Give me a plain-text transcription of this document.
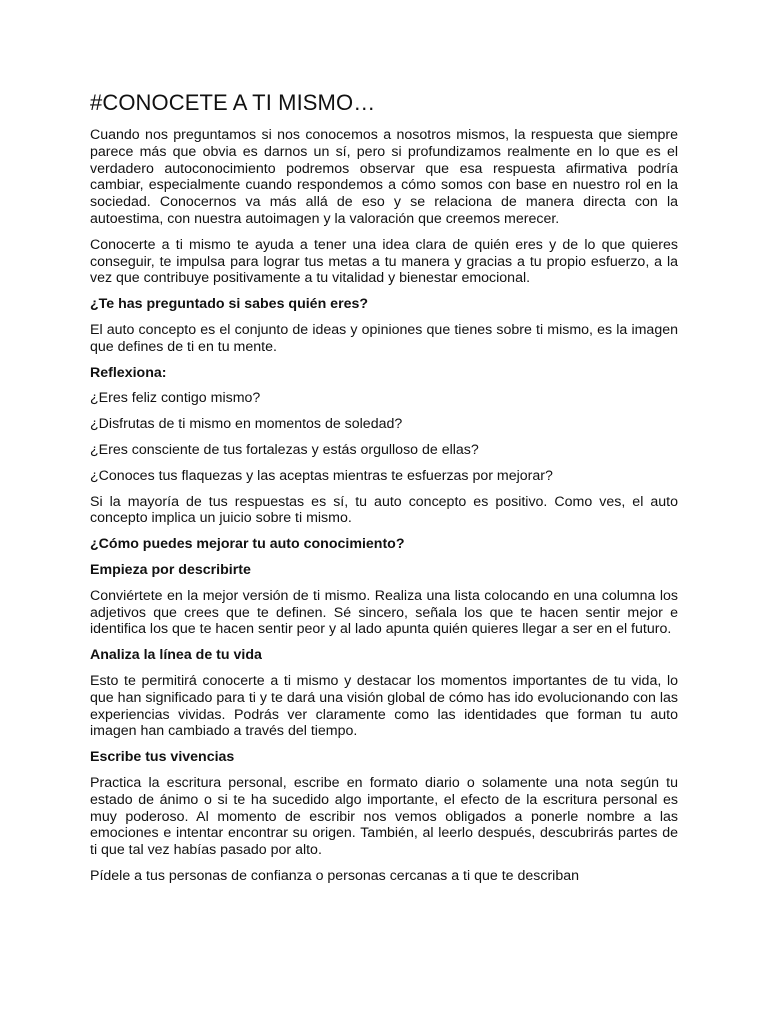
#CONOCETE A TI MISMO…

Cuando nos preguntamos si nos conocemos a nosotros mismos, la respuesta que siempre parece más que obvia es darnos un sí, pero si profundizamos realmente en lo que es el verdadero autoconocimiento podremos observar que esa respuesta afirmativa podría cambiar, especialmente cuando respondemos a cómo somos con base en nuestro rol en la sociedad. Conocernos va más allá de eso y se relaciona de manera directa con la autoestima, con nuestra autoimagen y la valoración que creemos merecer.

Conocerte a ti mismo te ayuda a tener una idea clara de quién eres y de lo que quieres conseguir, te impulsa para lograr tus metas a tu manera y gracias a tu propio esfuerzo, a la vez que contribuye positivamente a tu vitalidad y bienestar emocional.

¿Te has preguntado si sabes quién eres?

El auto concepto es el conjunto de ideas y opiniones que tienes sobre ti mismo, es la imagen que defines de ti en tu mente.

Reflexiona:

¿Eres feliz contigo mismo?

¿Disfrutas de ti mismo en momentos de soledad?

¿Eres consciente de tus fortalezas y estás orgulloso de ellas?

¿Conoces tus flaquezas y las aceptas mientras te esfuerzas por mejorar?

Si la mayoría de tus respuestas es sí, tu auto concepto es positivo. Como ves, el auto concepto implica un juicio sobre ti mismo.

¿Cómo puedes mejorar tu auto conocimiento?

Empieza por describirte

Conviértete en la mejor versión de ti mismo. Realiza una lista colocando en una columna los adjetivos que crees que te definen. Sé sincero, señala los que te hacen sentir mejor e identifica los que te hacen sentir peor y al lado apunta quién quieres llegar a ser en el futuro.

Analiza la línea de tu vida

Esto te permitirá conocerte a ti mismo y destacar los momentos importantes de tu vida, lo que han significado para ti y te dará una visión global de cómo has ido evolucionando con las experiencias vividas. Podrás ver claramente como las identidades que forman tu auto imagen han cambiado a través del tiempo.

Escribe tus vivencias

Practica la escritura personal, escribe en formato diario o solamente una nota según tu estado de ánimo o si te ha sucedido algo importante, el efecto de la escritura personal es muy poderoso. Al momento de escribir nos vemos obligados a ponerle nombre a las emociones e intentar encontrar su origen. También, al leerlo después, descubrirás partes de ti que tal vez habías pasado por alto.

Pídele a tus personas de confianza o personas cercanas a ti que te describan
